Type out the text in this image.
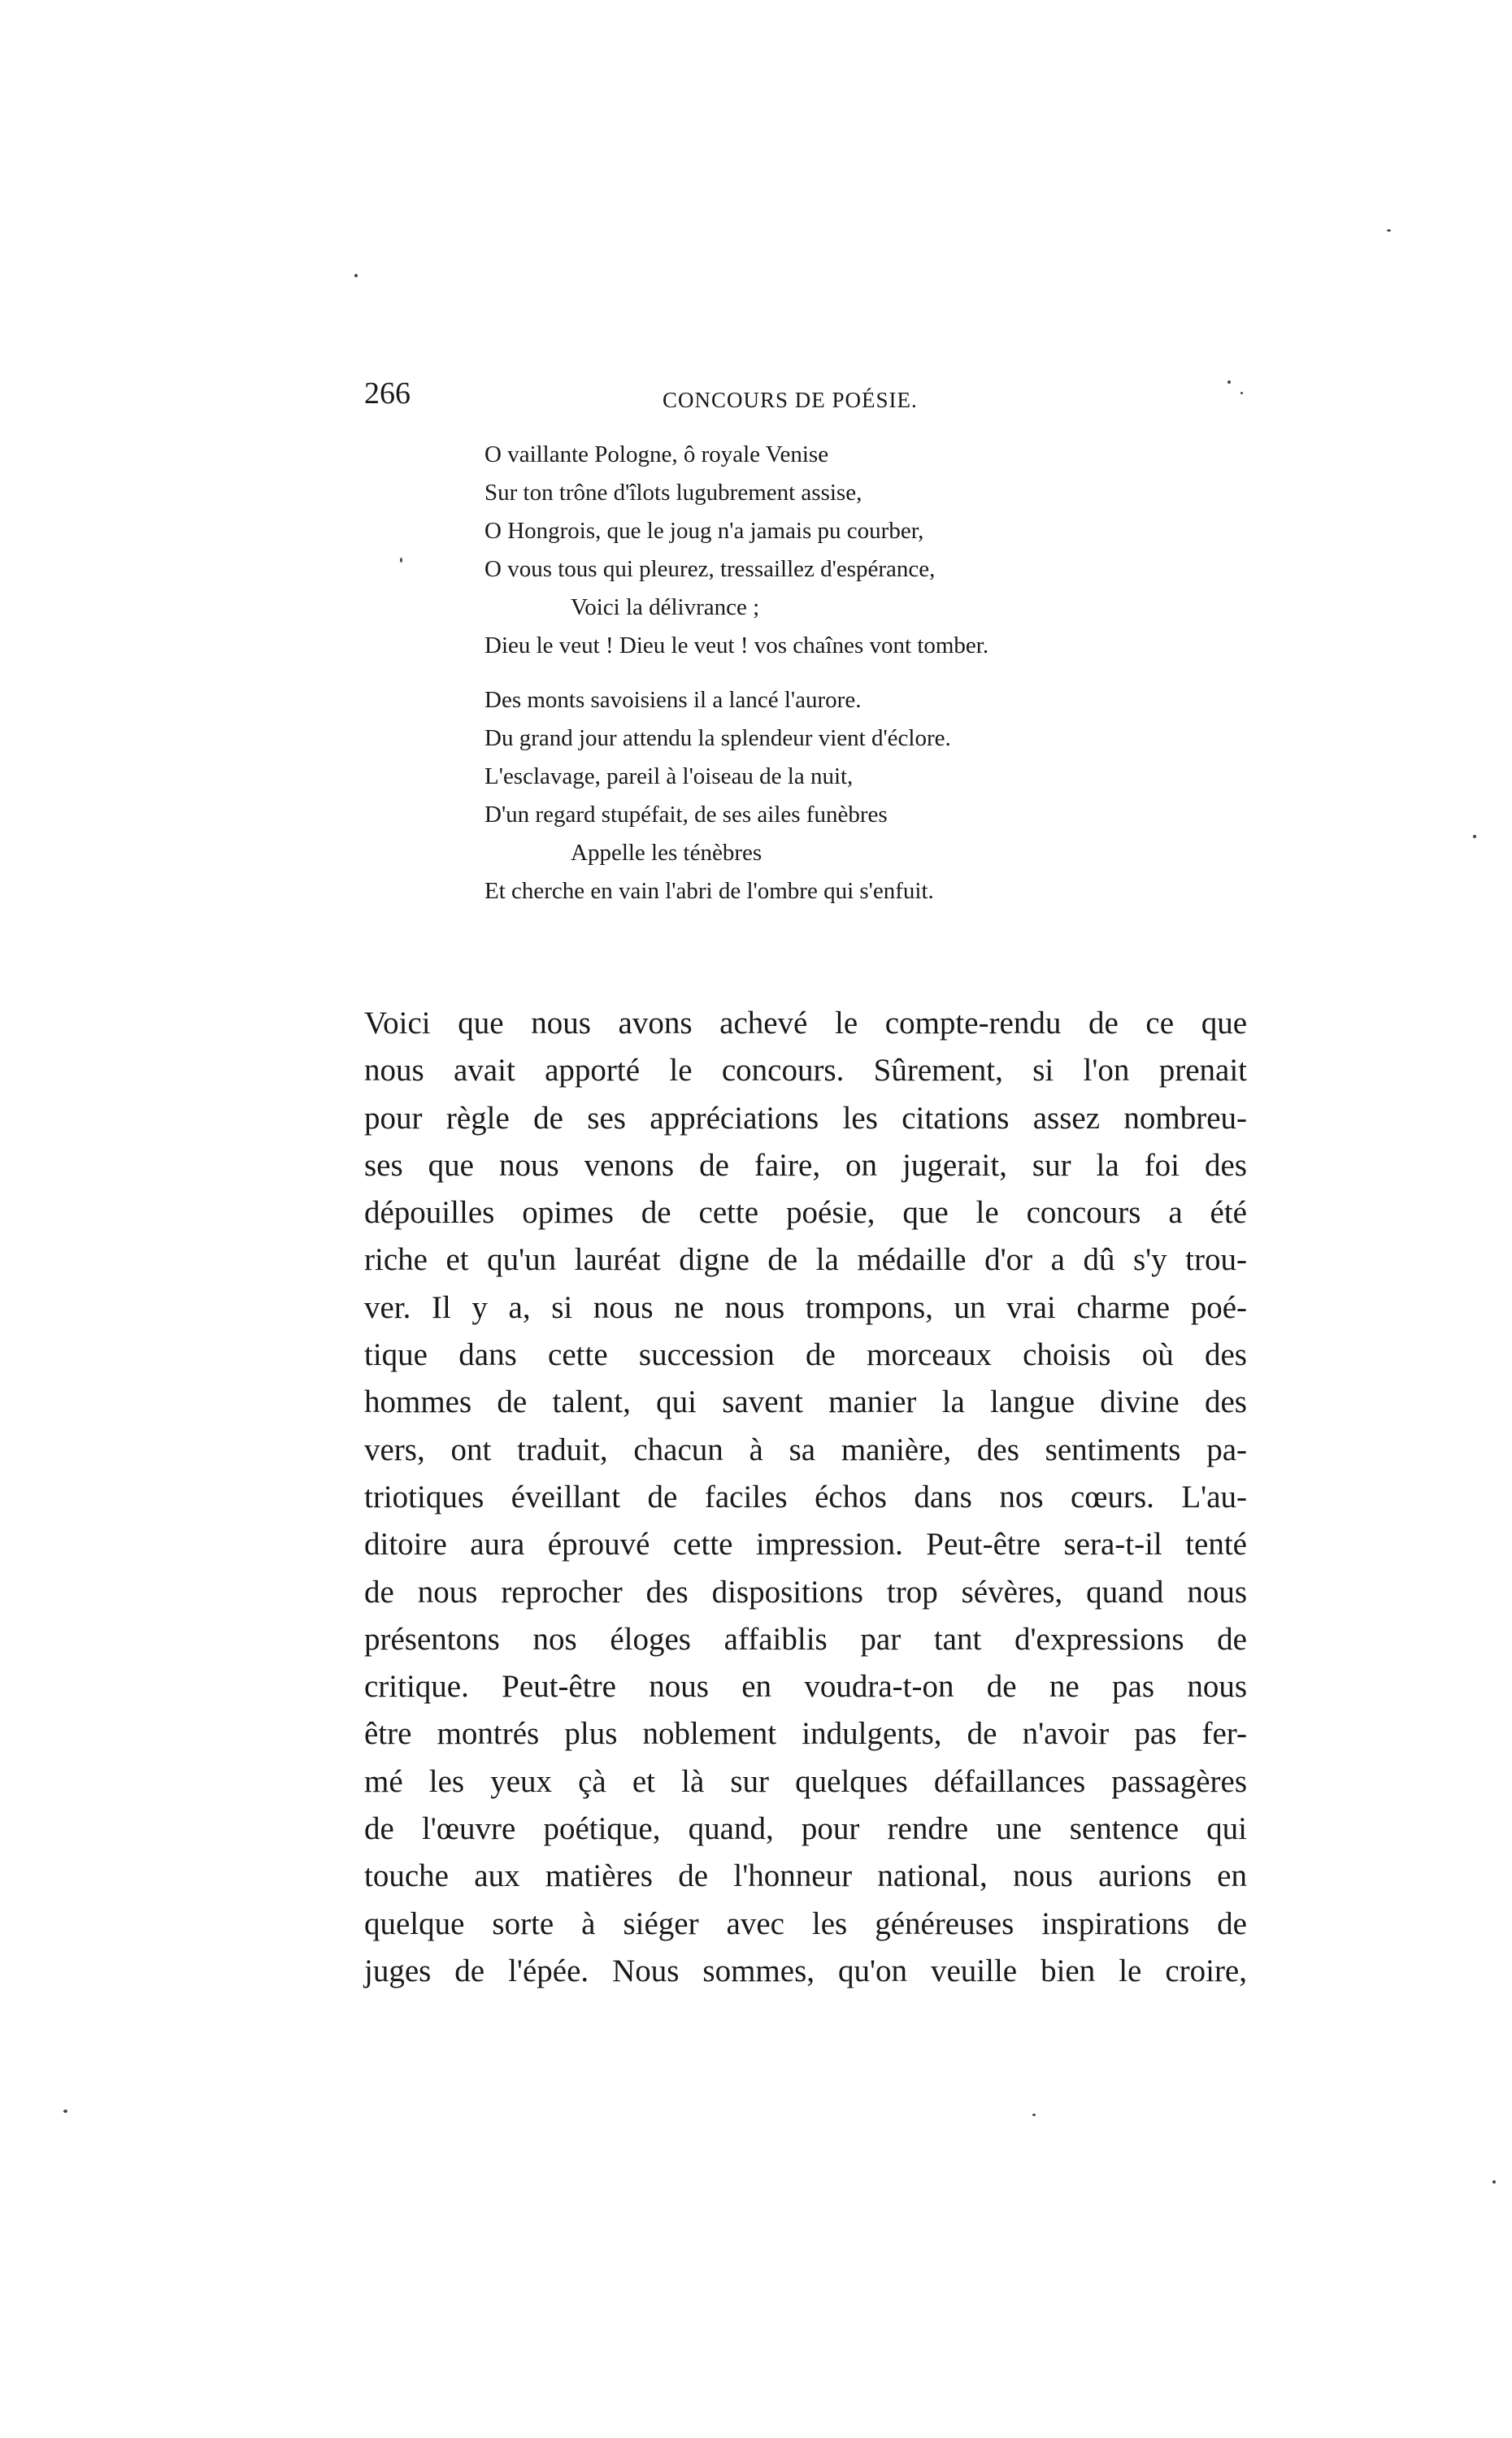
266	CONCOURS DE POÉSIE.
O vaillante Pologne, ô royale Venise
Sur ton trône d'îlots lugubrement assise,
O Hongrois, que le joug n'a jamais pu courber,
O vous tous qui pleurez, tressaillez d'espérance,
Voici la délivrance ;
Dieu le veut ! Dieu le veut ! vos chaînes vont tomber.
Des monts savoisiens il a lancé l'aurore.
Du grand jour attendu la splendeur vient d'éclore.
L'esclavage, pareil à l'oiseau de la nuit,
D'un regard stupéfait, de ses ailes funèbres
Appelle les ténèbres
Et cherche en vain l'abri de l'ombre qui s'enfuit.
Voici que nous avons achevé le compte-rendu de ce que
nous avait apporté le concours. Sûrement, si l'on prenait
pour règle de ses appréciations les citations assez nombreu-
ses que nous venons de faire, on jugerait, sur la foi des
dépouilles opimes de cette poésie, que le concours a été
riche et qu'un lauréat digne de la médaille d'or a dû s'y trou-
ver. Il y a, si nous ne nous trompons, un vrai charme poé-
tique dans cette succession de morceaux choisis où des
hommes de talent, qui savent manier la langue divine des
vers, ont traduit, chacun à sa manière, des sentiments pa-
triotiques éveillant de faciles échos dans nos cœurs. L'au-
ditoire aura éprouvé cette impression. Peut-être sera-t-il tenté
de nous reprocher des dispositions trop sévères, quand nous
présentons nos éloges affaiblis par tant d'expressions de
critique. Peut-être nous en voudra-t-on de ne pas nous
être montrés plus noblement indulgents, de n'avoir pas fer-
mé les yeux çà et là sur quelques défaillances passagères
de l'œuvre poétique, quand, pour rendre une sentence qui
touche aux matières de l'honneur national, nous aurions en
quelque sorte à siéger avec les généreuses inspirations de
juges de l'épée. Nous sommes, qu'on veuille bien le croire,
